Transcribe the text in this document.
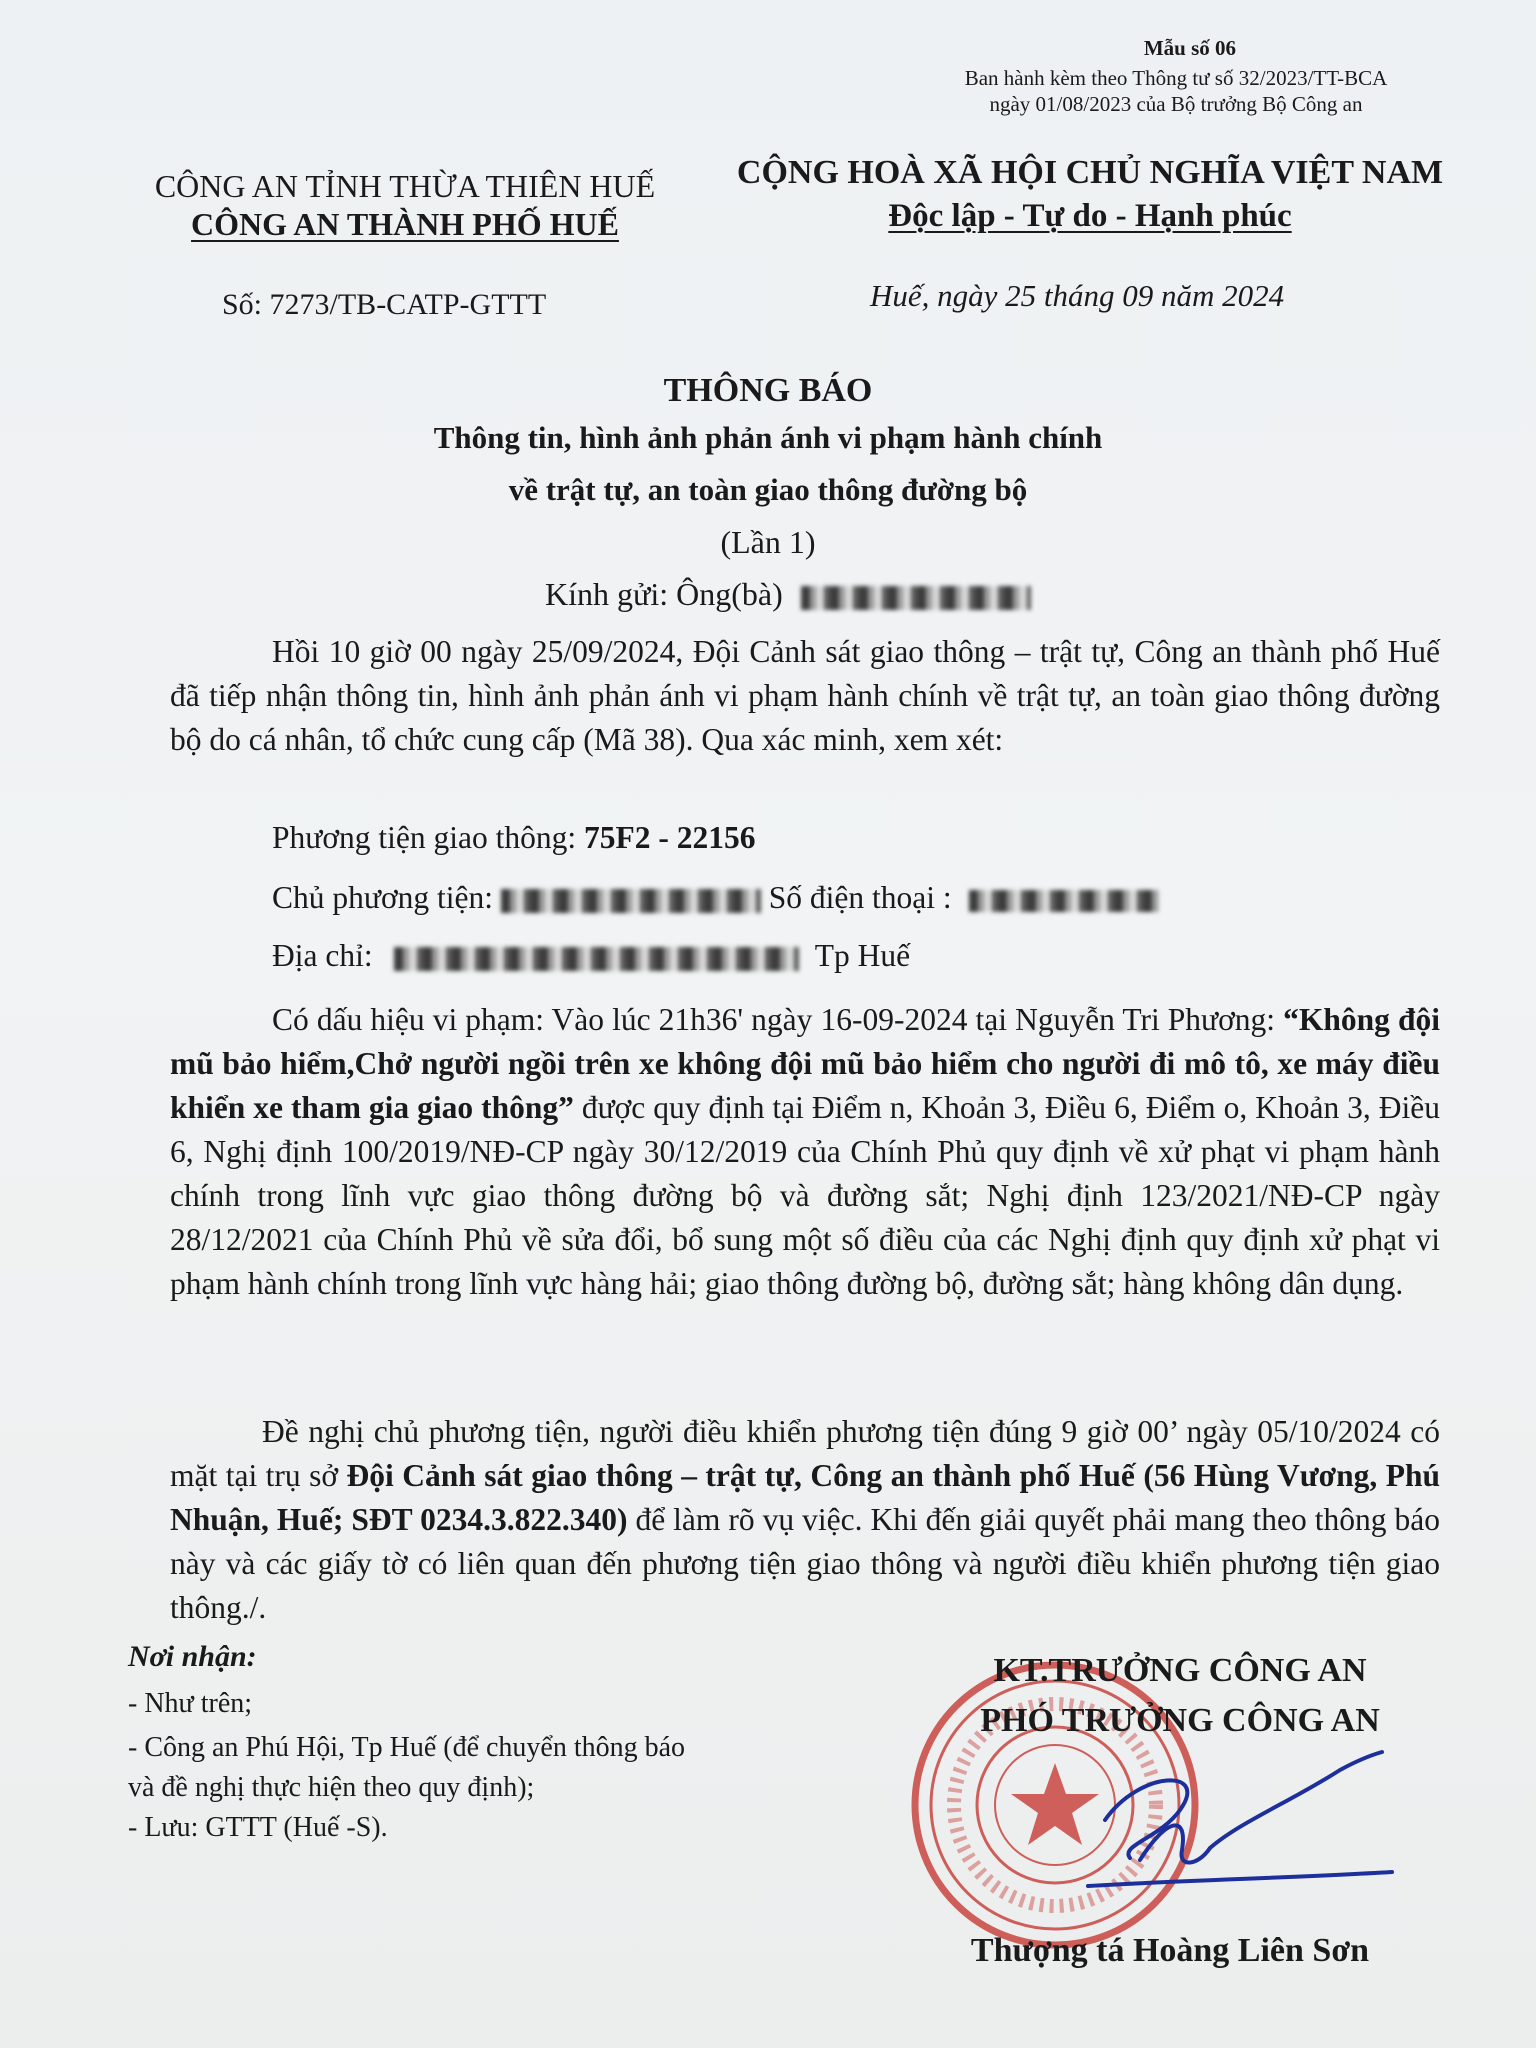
Mẫu số 06
Ban hành kèm theo Thông tư số 32/2023/TT-BCA
ngày 01/08/2023 của Bộ trưởng Bộ Công an
CÔNG AN TỈNH THỪA THIÊN HUẾ
CÔNG AN THÀNH PHỐ HUẾ
CỘNG HOÀ XÃ HỘI CHỦ NGHĨA VIỆT NAM
Độc lập - Tự do - Hạnh phúc
Số: 7273/TB-CATP-GTTT	Huế, ngày 25 tháng 09 năm 2024
THÔNG BÁO
Thông tin, hình ảnh phản ánh vi phạm hành chính
về trật tự, an toàn giao thông đường bộ
(Lần 1)
Kính gửi: Ông(bà)

Hồi 10 giờ 00 ngày 25/09/2024, Đội Cảnh sát giao thông – trật tự, Công an thành phố Huế đã tiếp nhận thông tin, hình ảnh phản ánh vi phạm hành chính về trật tự, an toàn giao thông đường bộ do cá nhân, tổ chức cung cấp (Mã 38). Qua xác minh, xem xét:

Phương tiện giao thông: 75F2 - 22156
Chủ phương tiện:	Số điện thoại :
Địa chỉ:	Tp Huế

Có dấu hiệu vi phạm: Vào lúc 21h36' ngày 16-09-2024 tại Nguyễn Tri Phương: “Không đội mũ bảo hiểm,Chở người ngồi trên xe không đội mũ bảo hiểm cho người đi mô tô, xe máy điều khiển xe tham gia giao thông” được quy định tại Điểm n, Khoản 3, Điều 6, Điểm o, Khoản 3, Điều 6, Nghị định 100/2019/NĐ-CP ngày 30/12/2019 của Chính Phủ quy định về xử phạt vi phạm hành chính trong lĩnh vực giao thông đường bộ và đường sắt; Nghị định 123/2021/NĐ-CP ngày 28/12/2021 của Chính Phủ về sửa đổi, bổ sung một số điều của các Nghị định quy định xử phạt vi phạm hành chính trong lĩnh vực hàng hải; giao thông đường bộ, đường sắt; hàng không dân dụng.

Đề nghị chủ phương tiện, người điều khiển phương tiện đúng 9 giờ 00’ ngày 05/10/2024 có mặt tại trụ sở Đội Cảnh sát giao thông – trật tự, Công an thành phố Huế (56 Hùng Vương, Phú Nhuận, Huế; SĐT 0234.3.822.340) để làm rõ vụ việc. Khi đến giải quyết phải mang theo thông báo này và các giấy tờ có liên quan đến phương tiện giao thông và người điều khiển phương tiện giao thông./.

Nơi nhận:
- Như trên;
- Công an Phú Hội, Tp Huế (để chuyển thông báo
và đề nghị thực hiện theo quy định);
- Lưu: GTTT (Huế -S).
KT.TRƯỞNG CÔNG AN
PHÓ TRƯỞNG CÔNG AN
Thượng tá Hoàng Liên Sơn
